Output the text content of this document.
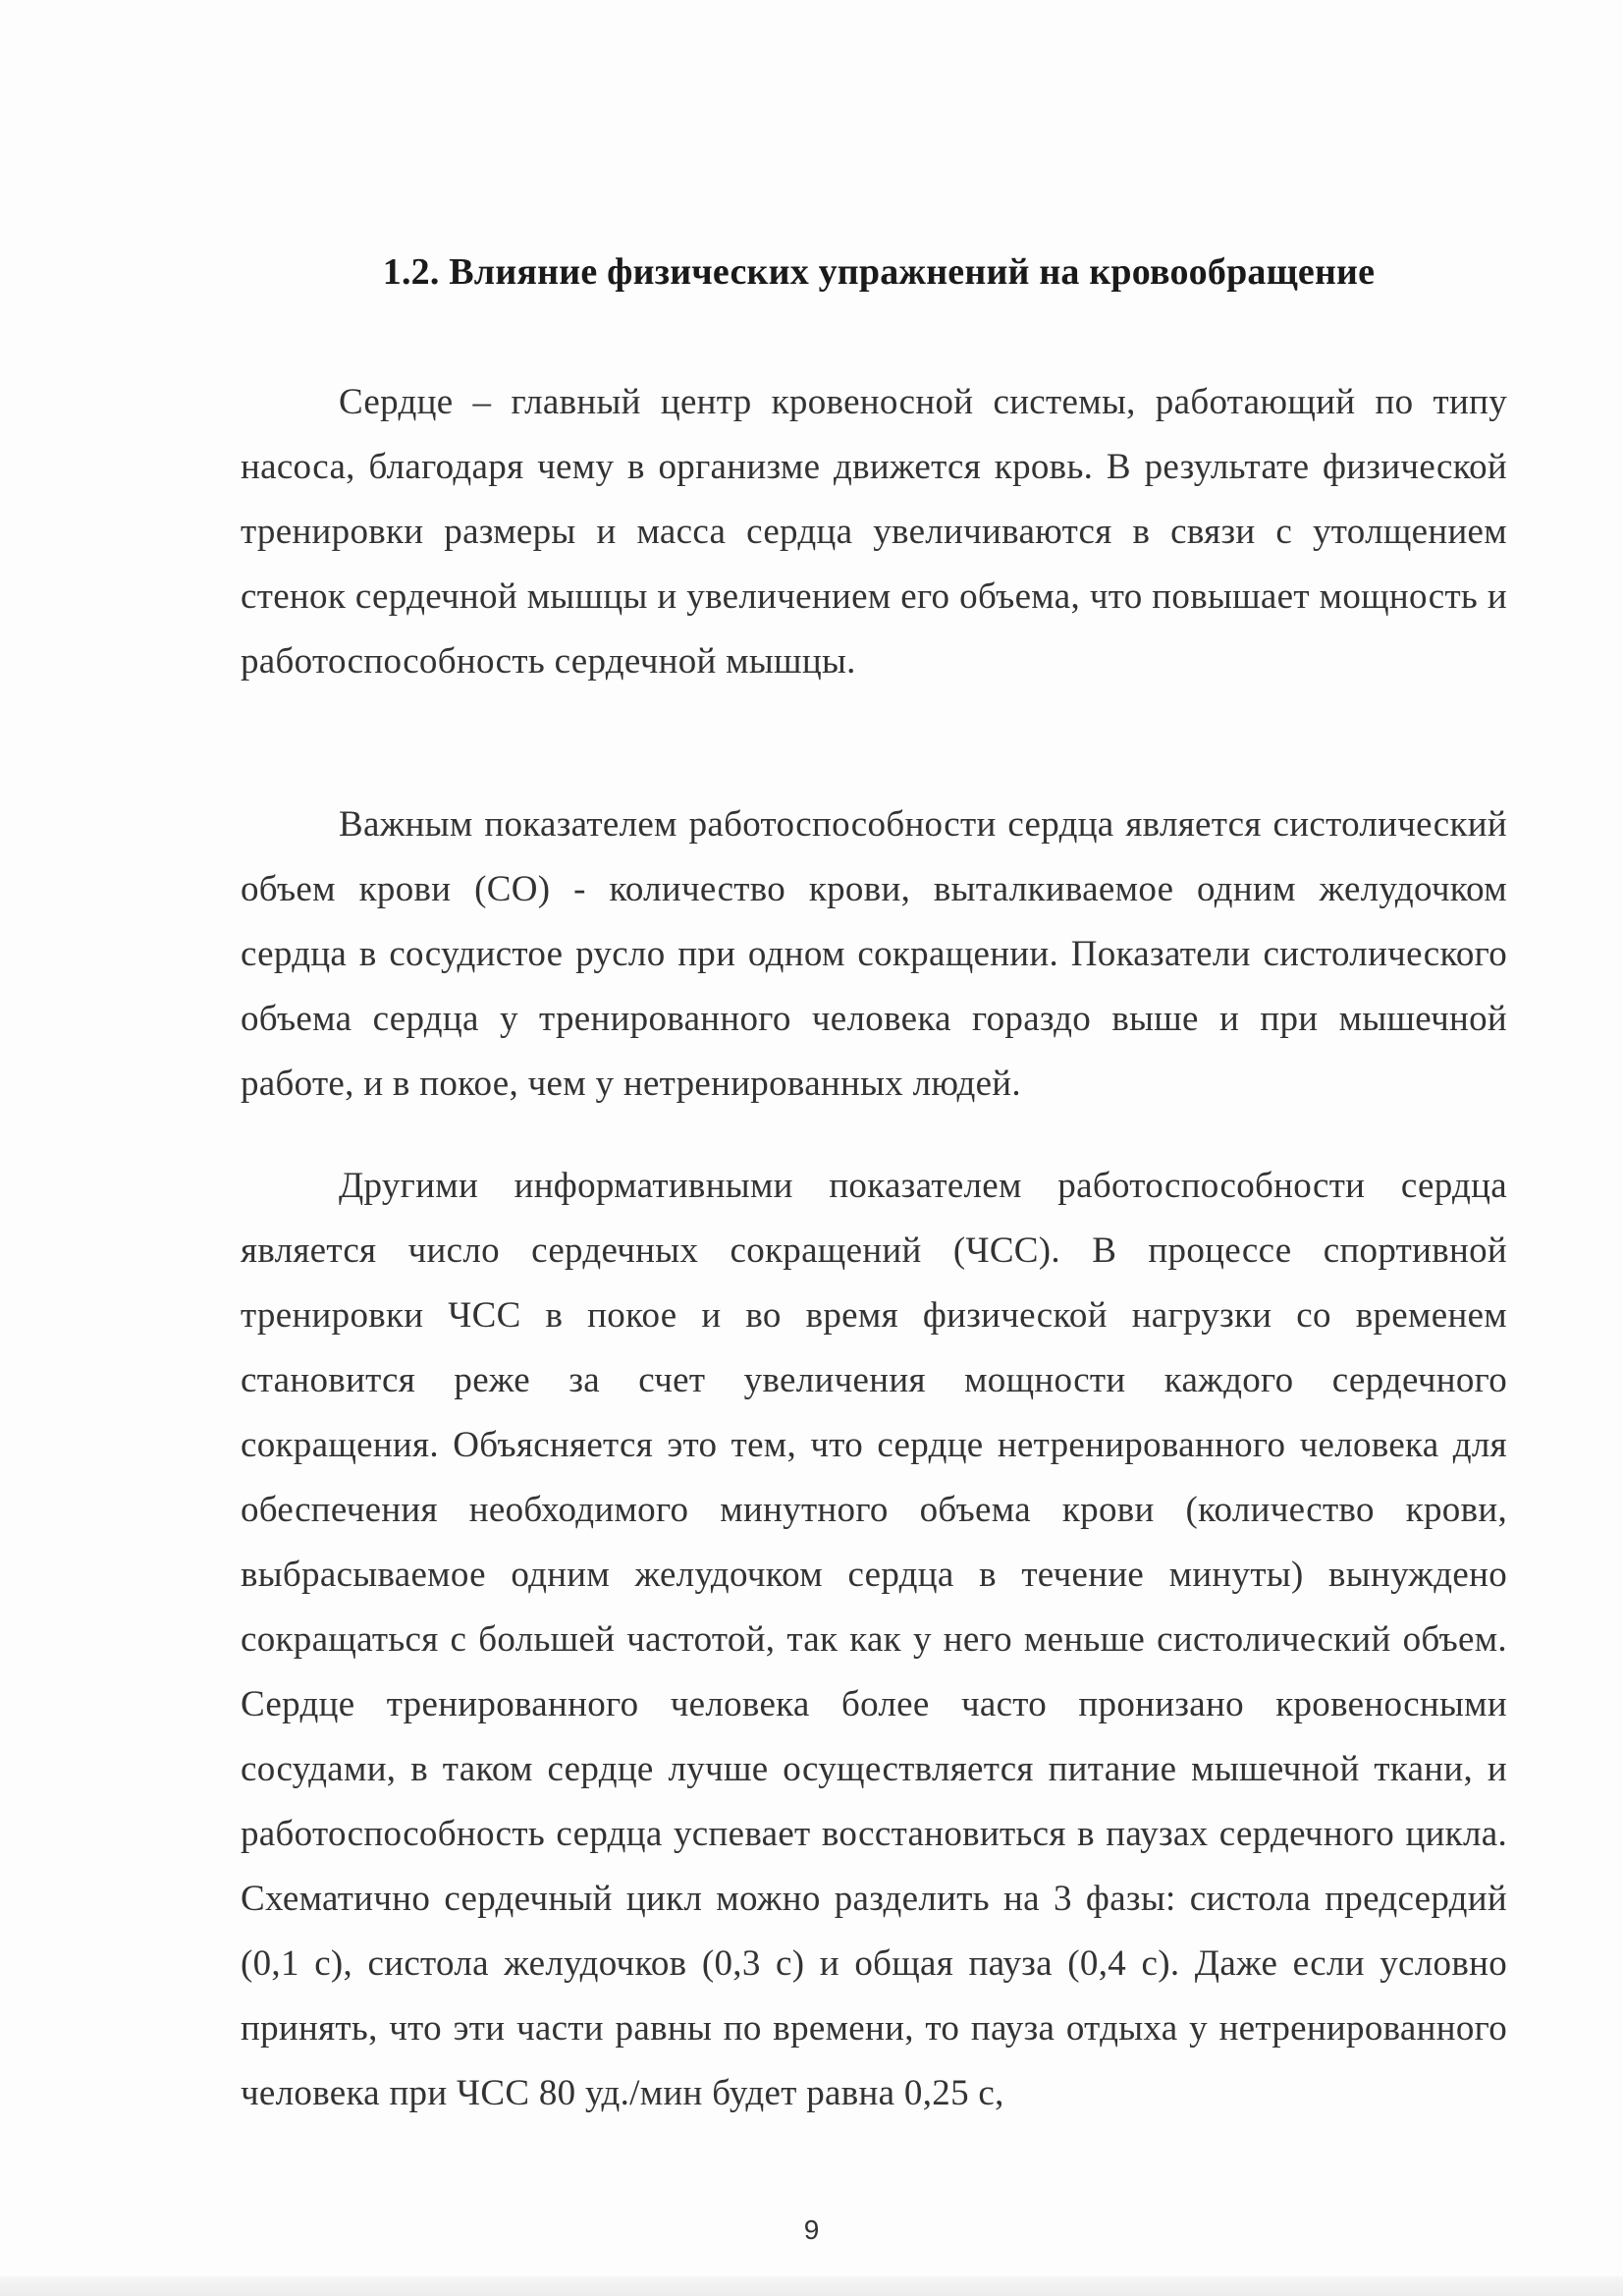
1.2. Влияние физических упражнений на кровообращение

Сердце – главный центр кровеносной системы, работающий по типу насоса, благодаря чему в организме движется кровь. В результате физической тренировки размеры и масса сердца увеличиваются в связи с утолщением стенок сердечной мышцы и увеличением его объема, что повышает мощность и работоспособность сердечной мышцы.

Важным показателем работоспособности сердца является систолический объем крови (СО) - количество крови, выталкиваемое одним желудочком сердца в сосудистое русло при одном сокращении. Показатели систолического объема сердца у тренированного человека гораздо выше и при мышечной работе, и в покое, чем у нетренированных людей.

Другими информативными показателем работоспособности сердца является число сердечных сокращений (ЧСС). В процессе спортивной тренировки ЧСС в покое и во время физической нагрузки со временем становится реже за счет увеличения мощности каждого сердечного сокращения. Объясняется это тем, что сердце нетренированного человека для обеспечения необходимого минутного объема крови (количество крови, выбрасываемое одним желудочком сердца в течение минуты) вынуждено сокращаться с большей частотой, так как у него меньше систолический объем. Сердце тренированного человека более часто пронизано кровеносными сосудами, в таком сердце лучше осуществляется питание мышечной ткани, и работоспособность сердца успевает восстановиться в паузах сердечного цикла. Схематично сердечный цикл можно разделить на 3 фазы: систола предсердий (0,1 с), систола желудочков (0,3 с) и общая пауза (0,4 с). Даже если условно принять, что эти части равны по времени, то пауза отдыха у нетренированного человека при ЧСС 80 уд./мин будет равна 0,25 с,

9
